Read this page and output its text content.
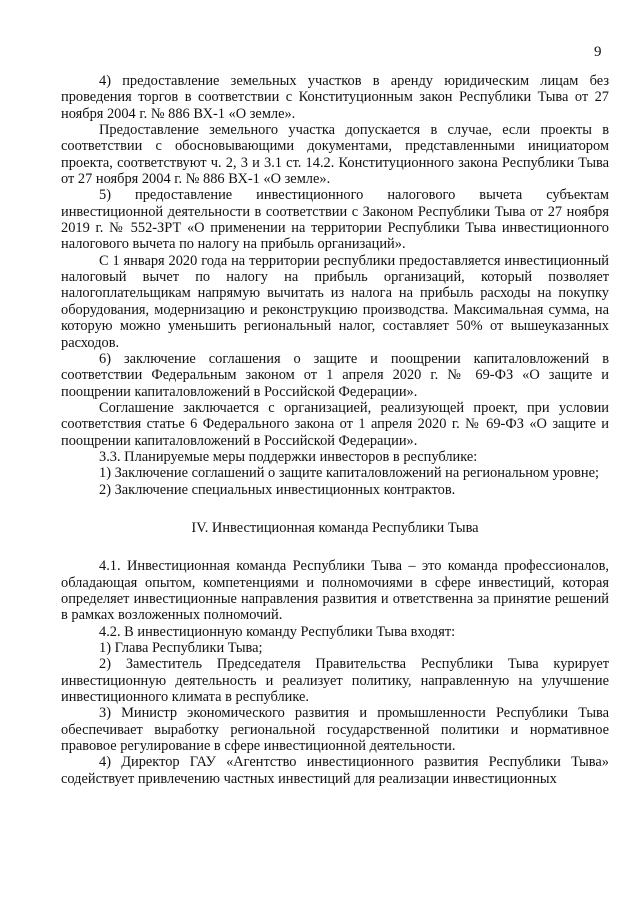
9

4) предоставление земельных участков в аренду юридическим лицам без проведения торгов в соответствии с Конституционным закон Республики Тыва от 27 ноября 2004 г. № 886 ВХ-1 «О земле».

Предоставление земельного участка допускается в случае, если проекты в соответствии с обосновывающими документами, представленными инициатором проекта, соответствуют ч. 2, 3 и 3.1 ст. 14.2. Конституционного закона Республики Тыва от 27 ноября 2004 г. № 886 ВХ-1 «О земле».

5) предоставление инвестиционного налогового вычета субъектам инвестиционной деятельности в соответствии с Законом Республики Тыва от 27 ноября 2019 г. № 552-ЗРТ «О применении на территории Республики Тыва инвестиционного налогового вычета по налогу на прибыль организаций».

С 1 января 2020 года на территории республики предоставляется инвестиционный налоговый вычет по налогу на прибыль организаций, который позволяет налогоплательщикам напрямую вычитать из налога на прибыль расходы на покупку оборудования, модернизацию и реконструкцию производства. Максимальная сумма, на которую можно уменьшить региональный налог, составляет 50% от вышеуказанных расходов.

6) заключение соглашения о защите и поощрении капиталовложений в соответствии Федеральным законом от 1 апреля 2020 г. № 69-ФЗ «О защите и поощрении капиталовложений в Российской Федерации».

Соглашение заключается с организацией, реализующей проект, при условии соответствия статье 6 Федерального закона от 1 апреля 2020 г. № 69-ФЗ «О защите и поощрении капиталовложений в Российской Федерации».

3.3. Планируемые меры поддержки инвесторов в республике:

1) Заключение соглашений о защите капиталовложений на региональном уровне;

2) Заключение специальных инвестиционных контрактов.

IV. Инвестиционная команда Республики Тыва

4.1. Инвестиционная команда Республики Тыва – это команда профессионалов, обладающая опытом, компетенциями и полномочиями в сфере инвестиций, которая определяет инвестиционные направления развития и ответственна за принятие решений в рамках возложенных полномочий.

4.2. В инвестиционную команду Республики Тыва входят:

1) Глава Республики Тыва;

2) Заместитель Председателя Правительства Республики Тыва курирует инвестиционную деятельность и реализует политику, направленную на улучшение инвестиционного климата в республике.

3) Министр экономического развития и промышленности Республики Тыва обеспечивает выработку региональной государственной политики и нормативное правовое регулирование в сфере инвестиционной деятельности.

4) Директор ГАУ «Агентство инвестиционного развития Республики Тыва» содействует привлечению частных инвестиций для реализации инвестиционных
